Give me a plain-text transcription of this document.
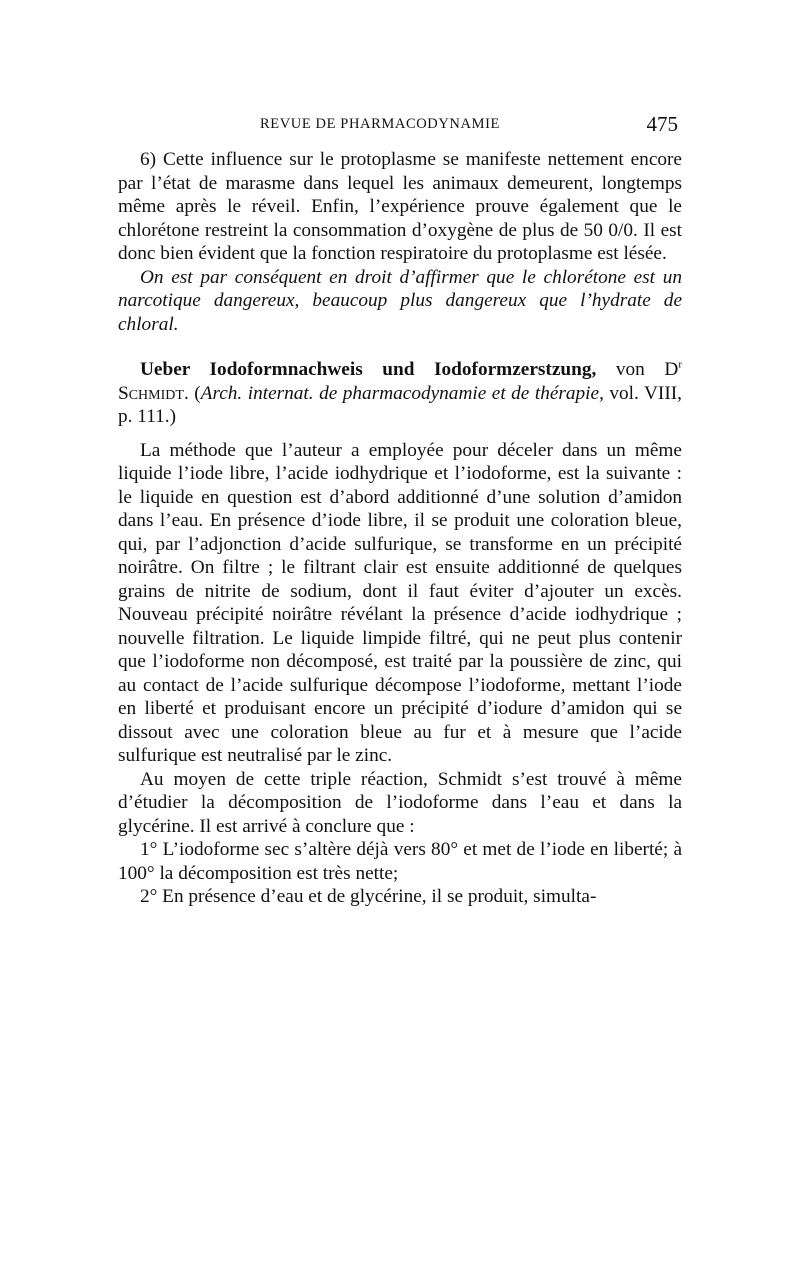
REVUE DE PHARMACODYNAMIE	475

6) Cette influence sur le protoplasme se manifeste nettement encore par l’état de marasme dans lequel les animaux demeurent, longtemps même après le réveil. Enfin, l’expérience prouve également que le chlorétone restreint la consommation d’oxygène de plus de 50 0/0. Il est donc bien évident que la fonction respiratoire du protoplasme est lésée.

On est par conséquent en droit d’affirmer que le chlorétone est un narcotique dangereux, beaucoup plus dangereux que l’hydrate de chloral.

Ueber Iodoformnachweis und Iodoformzerstzung, von $D^r$ Schmidt. (Arch. internat. de pharmacodynamie et de thérapie, vol. VIII, p. 111.)

La méthode que l’auteur a employée pour déceler dans un même liquide l’iode libre, l’acide iodhydrique et l’iodoforme, est la suivante : le liquide en question est d’abord additionné d’une solution d’amidon dans l’eau. En présence d’iode libre, il se produit une coloration bleue, qui, par l’adjonction d’acide sulfurique, se transforme en un précipité noirâtre. On filtre ; le filtrant clair est ensuite additionné de quelques grains de nitrite de sodium, dont il faut éviter d’ajouter un excès. Nouveau précipité noirâtre révélant la présence d’acide iodhydrique ; nouvelle filtration. Le liquide limpide filtré, qui ne peut plus contenir que l’iodoforme non décomposé, est traité par la poussière de zinc, qui au contact de l’acide sulfurique décompose l’iodoforme, mettant l’iode en liberté et produisant encore un précipité d’iodure d’amidon qui se dissout avec une coloration bleue au fur et à mesure que l’acide sulfurique est neutralisé par le zinc.

Au moyen de cette triple réaction, Schmidt s’est trouvé à même d’étudier la décomposition de l’iodoforme dans l’eau et dans la glycérine. Il est arrivé à conclure que :

1° L’iodoforme sec s’altère déjà vers 80° et met de l’iode en liberté; à 100° la décomposition est très nette;

2° En présence d’eau et de glycérine, il se produit, simulta-
